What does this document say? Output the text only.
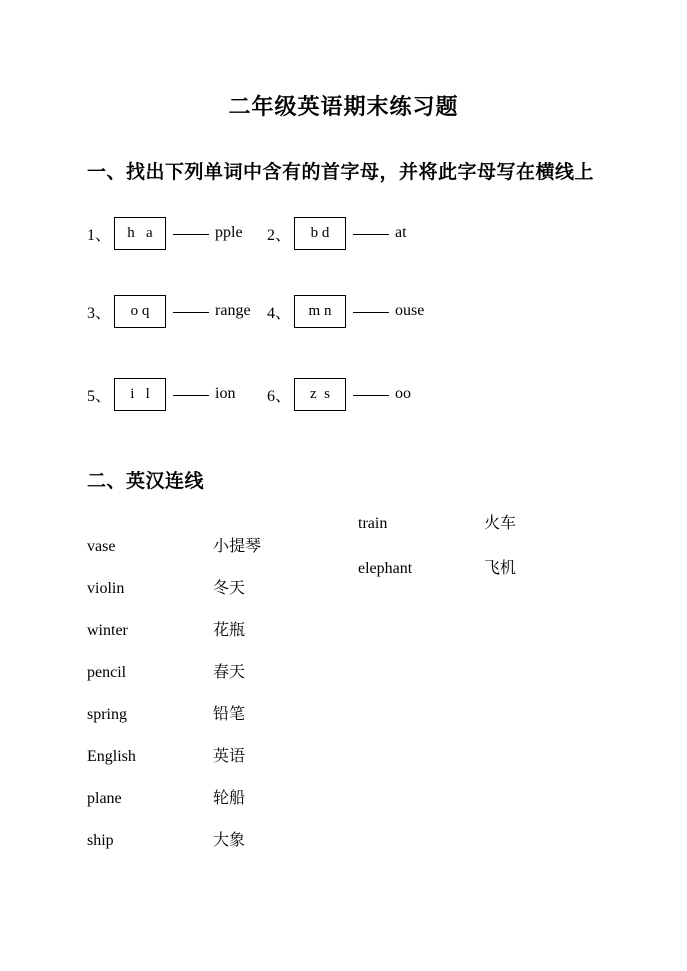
二年级英语期末练习题
一、找出下列单词中含有的首字母，并将此字母写在横线上
1、	h   a	pple 2、	b d	at
3、	o q	range 4、	m n	ouse
5、	i   l	ion 6、	z  s	oo
二、英汉连线
vase	小提琴
violin	冬天
winter	花瓶
pencil	春天
spring	铅笔
English	英语
plane	轮船
ship	大象
train	火车
elephant	飞机
